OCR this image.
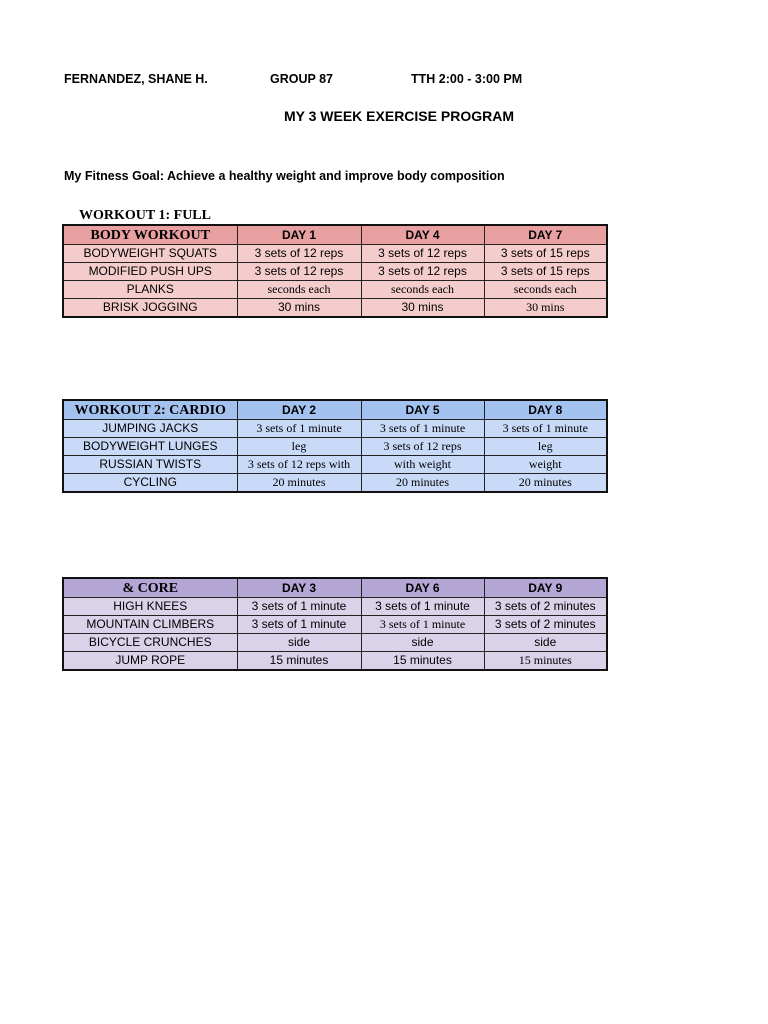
FERNANDEZ, SHANE H.	GROUP 87	TTH 2:00 - 3:00 PM
MY 3 WEEK EXERCISE PROGRAM
My Fitness Goal: Achieve a healthy weight and improve body composition
WORKOUT 1: FULL
BODY WORKOUT	DAY 1	DAY 4	DAY 7
BODYWEIGHT SQUATS	3 sets of 12 reps	3 sets of 12 reps	3 sets of 15 reps
MODIFIED PUSH UPS	3 sets of 12 reps	3 sets of 12 reps	3 sets of 15 reps
PLANKS	seconds each	seconds each	seconds each
BRISK JOGGING	30 mins	30 mins	30 mins
WORKOUT 2: CARDIO	DAY 2	DAY 5	DAY 8
JUMPING JACKS	3 sets of 1 minute	3 sets of 1 minute	3 sets of 1 minute
BODYWEIGHT LUNGES	leg	3 sets of 12 reps	leg
RUSSIAN TWISTS	3 sets of 12 reps with	with weight	weight
CYCLING	20 minutes	20 minutes	20 minutes
& CORE	DAY 3	DAY 6	DAY 9
HIGH KNEES	3 sets of 1 minute	3 sets of 1 minute	3 sets of 2 minutes
MOUNTAIN CLIMBERS	3 sets of 1 minute	3 sets of 1 minute	3 sets of 2 minutes
BICYCLE CRUNCHES	side	side	side
JUMP ROPE	15 minutes	15 minutes	15 minutes
